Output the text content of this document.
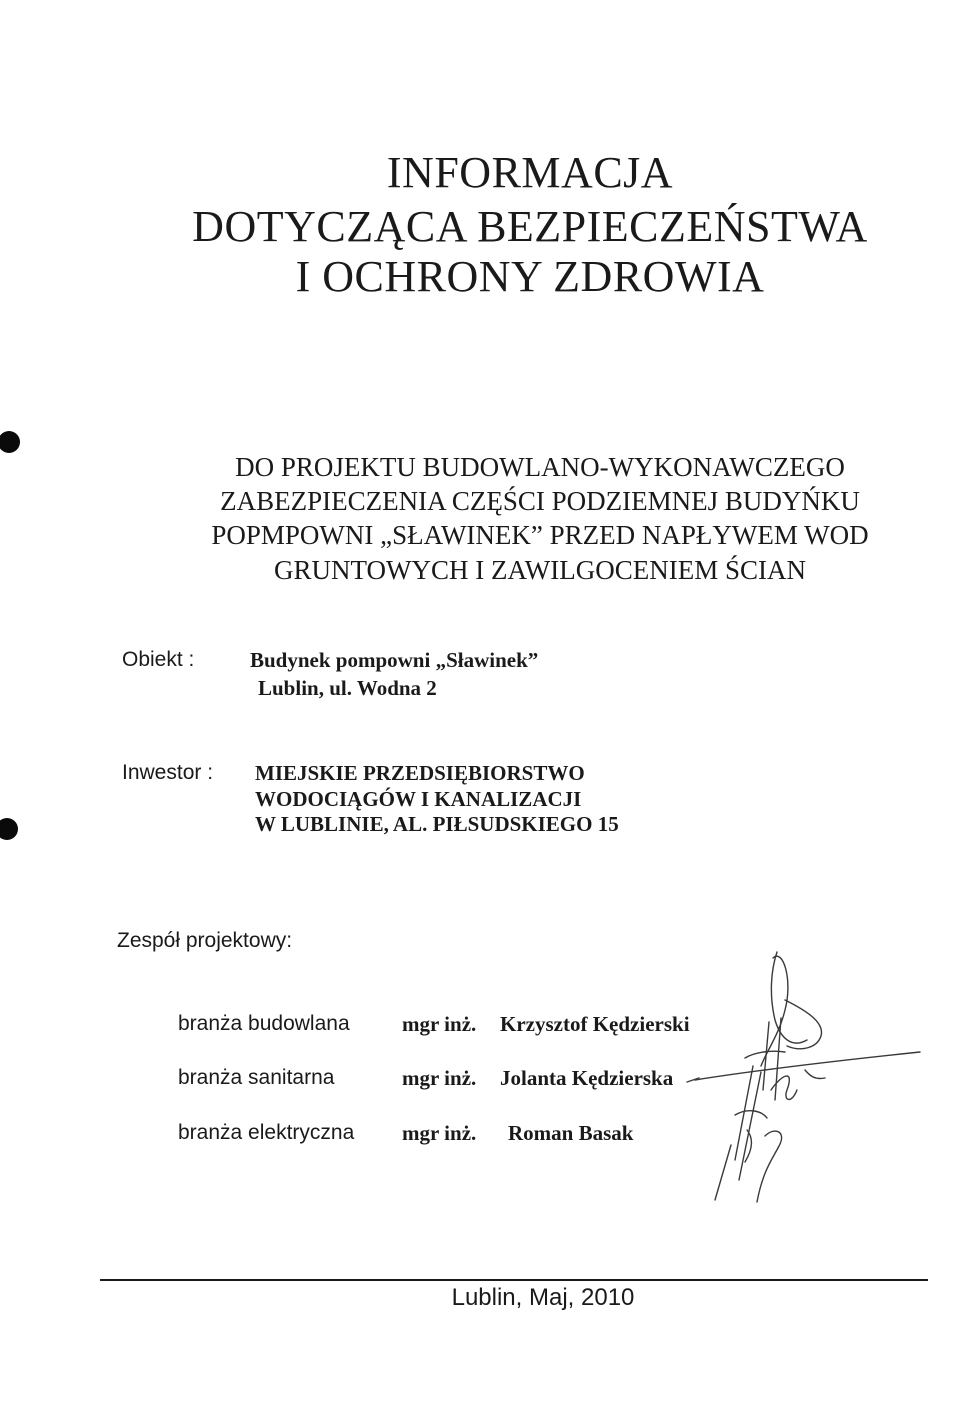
INFORMACJA
DOTYCZĄCA BEZPIECZEŃSTWA
I OCHRONY ZDROWIA
DO PROJEKTU BUDOWLANO-WYKONAWCZEGO
ZABEZPIECZENIA CZĘŚCI PODZIEMNEJ BUDYŃKU
POPMPOWNI „SŁAWINEK” PRZED NAPŁYWEM WOD
GRUNTOWYCH I ZAWILGOCENIEM ŚCIAN
Obiekt :	Budynek pompowni „Sławinek”
Lublin, ul. Wodna 2
Inwestor : MIEJSKIE PRZEDSIĘBIORSTWO
WODOCIĄGÓW I KANALIZACJI
W LUBLINIE, AL. PIŁSUDSKIEGO 15
Zespół projektowy:
branża budowlana mgr inż. Krzysztof Kędzierski
branża sanitarna	mgr inż. Jolanta Kędzierska
branża elektryczna mgr inż. Roman Basak
Lublin, Maj, 2010
